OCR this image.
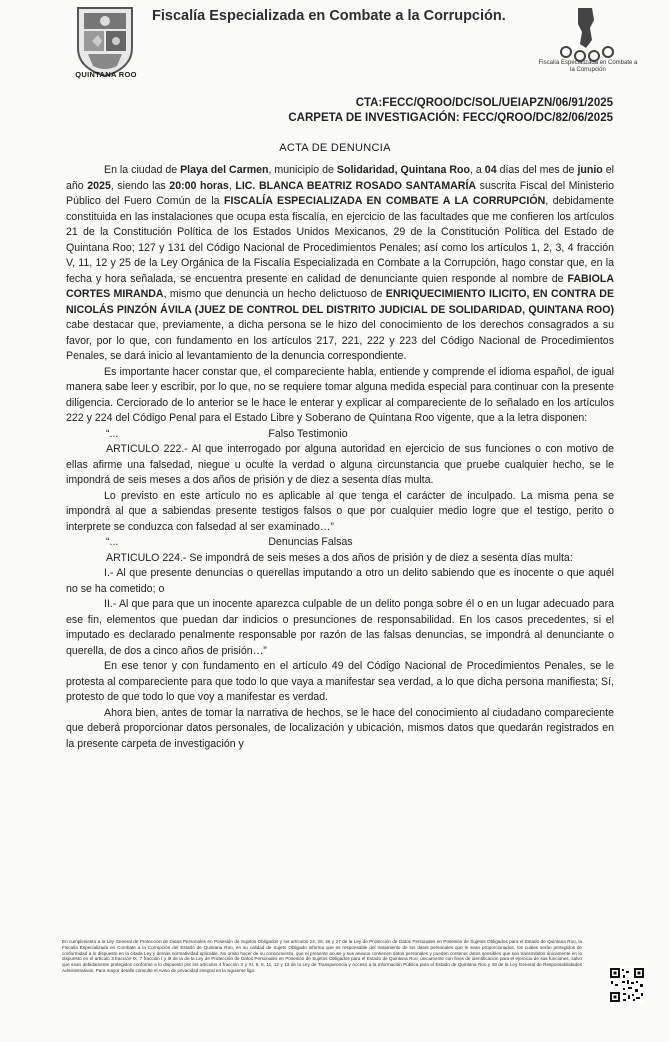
QUINTANA ROO
Fiscalía Especializada en Combate a la Corrupción.
Fiscalía Especializada en Combate a la Corrupción
CTA:FECC/QROO/DC/SOL/UEIAPZN/06/91/2025
CARPETA DE INVESTIGACIÓN: FECC/QROO/DC/82/06/2025
ACTA DE DENUNCIA

En la ciudad de Playa del Carmen, municipio de Solidaridad, Quintana Roo, a 04 días del mes de junio el año 2025, siendo las 20:00 horas, LIC. BLANCA BEATRIZ ROSADO SANTAMARÍA suscrita Fiscal del Ministerio Público del Fuero Común de la FISCALÍA ESPECIALIZADA EN COMBATE A LA CORRUPCIÓN, debidamente constituida en las instalaciones que ocupa esta fiscalía, en ejercicio de las facultades que me confieren los artículos 21 de la Constitución Política de los Estados Unidos Mexicanos, 29 de la Constitución Política del Estado de Quintana Roo; 127 y 131 del Código Nacional de Procedimientos Penales; así como los artículos 1, 2, 3, 4 fracción V, 11, 12 y 25 de la Ley Orgánica de la Fiscalía Especializada en Combate a la Corrupción, hago constar que, en la fecha y hora señalada, se encuentra presente en calidad de denunciante quien responde al nombre de FABIOLA CORTES MIRANDA, mismo que denuncia un hecho delictuoso de ENRIQUECIMIENTO ILICITO, EN CONTRA DE NICOLÁS PINZÓN ÁVILA (JUEZ DE CONTROL DEL DISTRITO JUDICIAL DE SOLIDARIDAD, QUINTANA ROO) cabe destacar que, previamente, a dicha persona se le hizo del conocimiento de los derechos consagrados a su favor, por lo que, con fundamento en los artículos 217, 221, 222 y 223 del Código Nacional de Procedimientos Penales, se dará inicio al levantamiento de la denuncia correspondiente.

Es importante hacer constar que, el compareciente habla, entiende y comprende el idioma español, de igual manera sabe leer y escribir, por lo que, no se requiere tomar alguna medida especial para continuar con la presente diligencia. Cerciorado de lo anterior se le hace le enterar y explicar al compareciente de lo señalado en los artículos 222 y 224 del Código Penal para el Estado Libre y Soberano de Quintana Roo vigente, que a la letra disponen:

“...	Falso Testimonio

ARTICULO 222.- Al que interrogado por alguna autoridad en ejercicio de sus funciones o con motivo de ellas afirme una falsedad, niegue u oculte la verdad o alguna circunstancia que pruebe cualquier hecho, se le impondrá de seis meses a dos años de prisión y de diez a sesenta días multa.

Lo previsto en este artículo no es aplicable al que tenga el carácter de inculpado. La misma pena se impondrá al que a sabiendas presente testigos falsos o que por cualquier medio logre que el testigo, perito o interprete se conduzca con falsedad al ser examinado…”

“...	Denuncias Falsas

ARTICULO 224.- Se impondrá de seis meses a dos años de prisión y de diez a sesenta días multa:

I.- Al que presente denuncias o querellas imputando a otro un delito sabiendo que es inocente o que aquél no se ha cometido; o

II.- Al que para que un inocente aparezca culpable de un delito ponga sobre él o en un lugar adecuado para ese fin, elementos que puedan dar indicios o presunciones de responsabilidad. En los casos precedentes, si el imputado es declarado penalmente responsable por razón de las falsas denuncias, se impondrá al denunciante o querella, de dos a cinco años de prisión…”

En ese tenor y con fundamento en el artículo 49 del Código Nacional de Procedimientos Penales, se le protesta al compareciente para que todo lo que vaya a manifestar sea verdad, a lo que dicha persona manifiesta; Sí, protesto de que todo lo que voy a manifestar es verdad.

Ahora bien, antes de tomar la narrativa de hechos, se le hace del conocimiento al ciudadano compareciente que deberá proporcionar datos personales, de localización y ubicación, mismos datos que quedarán registrados en la presente carpeta de investigación y

En cumplimiento a la Ley General de Protección de Datos Personales en Posesión de Sujetos Obligados y los artículos 24, 25, 26 y 27 de la Ley de Protección de Datos Personales en Posesión de Sujetos Obligados para el Estado de Quintana Roo, la Fiscalía Especializada en Combate a la Corrupción del Estado de Quintana Roo, en su calidad de Sujeto Obligado informa que es responsable del tratamiento de los datos personales que le sean proporcionados, los cuales serán protegidos de conformidad a lo dispuesto en la citada Ley y demás normatividad aplicable. No omito hacer de su conocimiento, que el presente acuse y sus anexos contienen datos personales y pueden contener datos sensibles que son transmitidos únicamente en lo dispuesto en el artículo 3 fracción IX, 7 fracción I y III de la de la Ley de Protección de Datos Personales en Posesión de Sujetos Obligados para el Estado de Quintana Roo; únicamente con fines de identificación para el ejercicio de sus funciones, salvo que sean debidamente protegidos conforme a lo dispuesto por los artículos 4 fracción X y XI, 6, 8, 11, 12 y 13 de la Ley de Transparencia y Acceso a la Información Pública para el Estado de Quintana Roo y 49 de la Ley General de Responsabilidades Administrativas. Para mayor detalle consulte el Aviso de privacidad integral en la siguiente liga.
